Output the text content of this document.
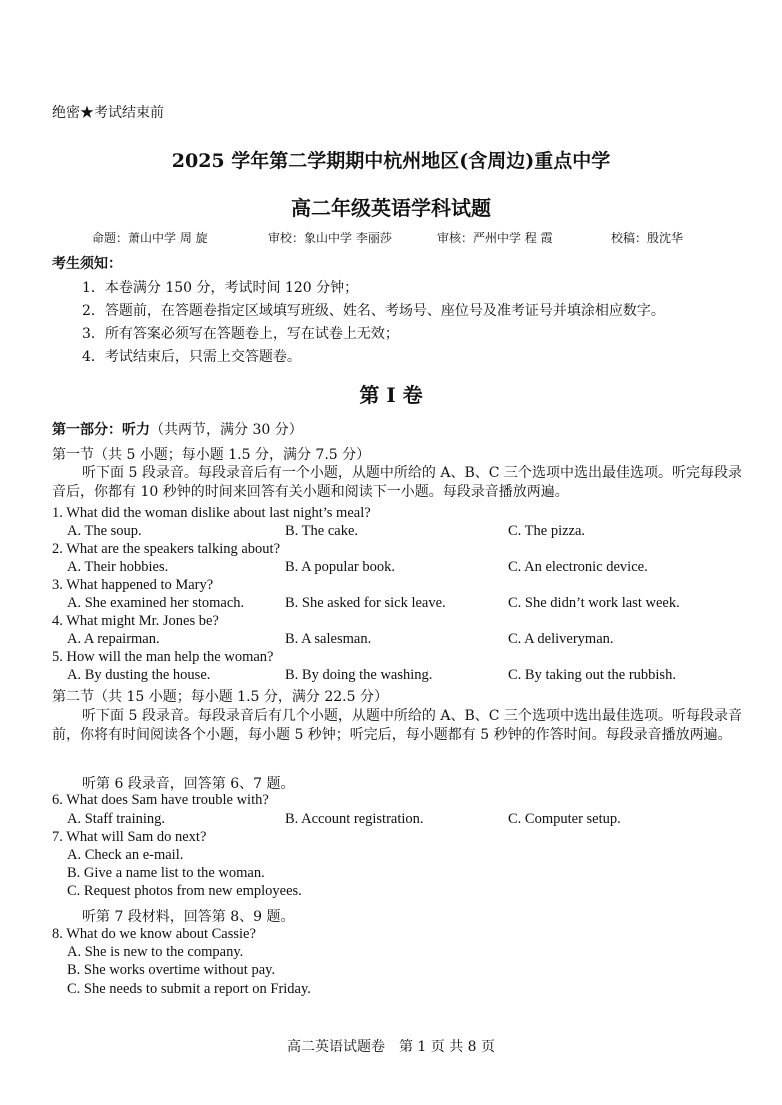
绝密★考试结束前
2025 学年第二学期期中杭州地区(含周边)重点中学
高二年级英语学科试题
命题：萧山中学 周 旋	审校：象山中学 李丽莎	审核：严州中学 程 霞	校稿：殷沈华
考生须知：
1．本卷满分 150 分，考试时间 120 分钟；
2．答题前，在答题卷指定区域填写班级、姓名、考场号、座位号及准考证号并填涂相应数字。
3．所有答案必须写在答题卷上，写在试卷上无效；
4．考试结束后，只需上交答题卷。
第 I 卷
第一部分：听力（共两节，满分 30 分）
第一节（共 5 小题；每小题 1.5 分，满分 7.5 分）
听下面 5 段录音。每段录音后有一个小题，从题中所给的 A、B、C 三个选项中选出最佳选项。听完每段录音后，你都有 10 秒钟的时间来回答有关小题和阅读下一小题。每段录音播放两遍。
1. What did the woman dislike about last night’s meal?
A. The soup.	B. The cake.	C. The pizza.
2. What are the speakers talking about?
A. Their hobbies.	B. A popular book.	C. An electronic device.
3. What happened to Mary?
A. She examined her stomach.	B. She asked for sick leave.	C. She didn’t work last week.
4. What might Mr. Jones be?
A. A repairman.	B. A salesman.	C. A deliveryman.
5. How will the man help the woman?
A. By dusting the house.	B. By doing the washing.	C. By taking out the rubbish.
第二节（共 15 小题；每小题 1.5 分，满分 22.5 分）
听下面 5 段录音。每段录音后有几个小题，从题中所给的 A、B、C 三个选项中选出最佳选项。听每段录音前，你将有时间阅读各个小题，每小题 5 秒钟；听完后，每小题都有 5 秒钟的作答时间。每段录音播放两遍。
听第 6 段录音，回答第 6、7 题。
6. What does Sam have trouble with?
A. Staff training.	B. Account registration.	C. Computer setup.
7. What will Sam do next?
A. Check an e-mail.
B. Give a name list to the woman.
C. Request photos from new employees.
听第 7 段材料，回答第 8、9 题。
8. What do we know about Cassie?
A. She is new to the company.
B. She works overtime without pay.
C. She needs to submit a report on Friday.
高二英语试题卷　第 1 页 共 8 页
